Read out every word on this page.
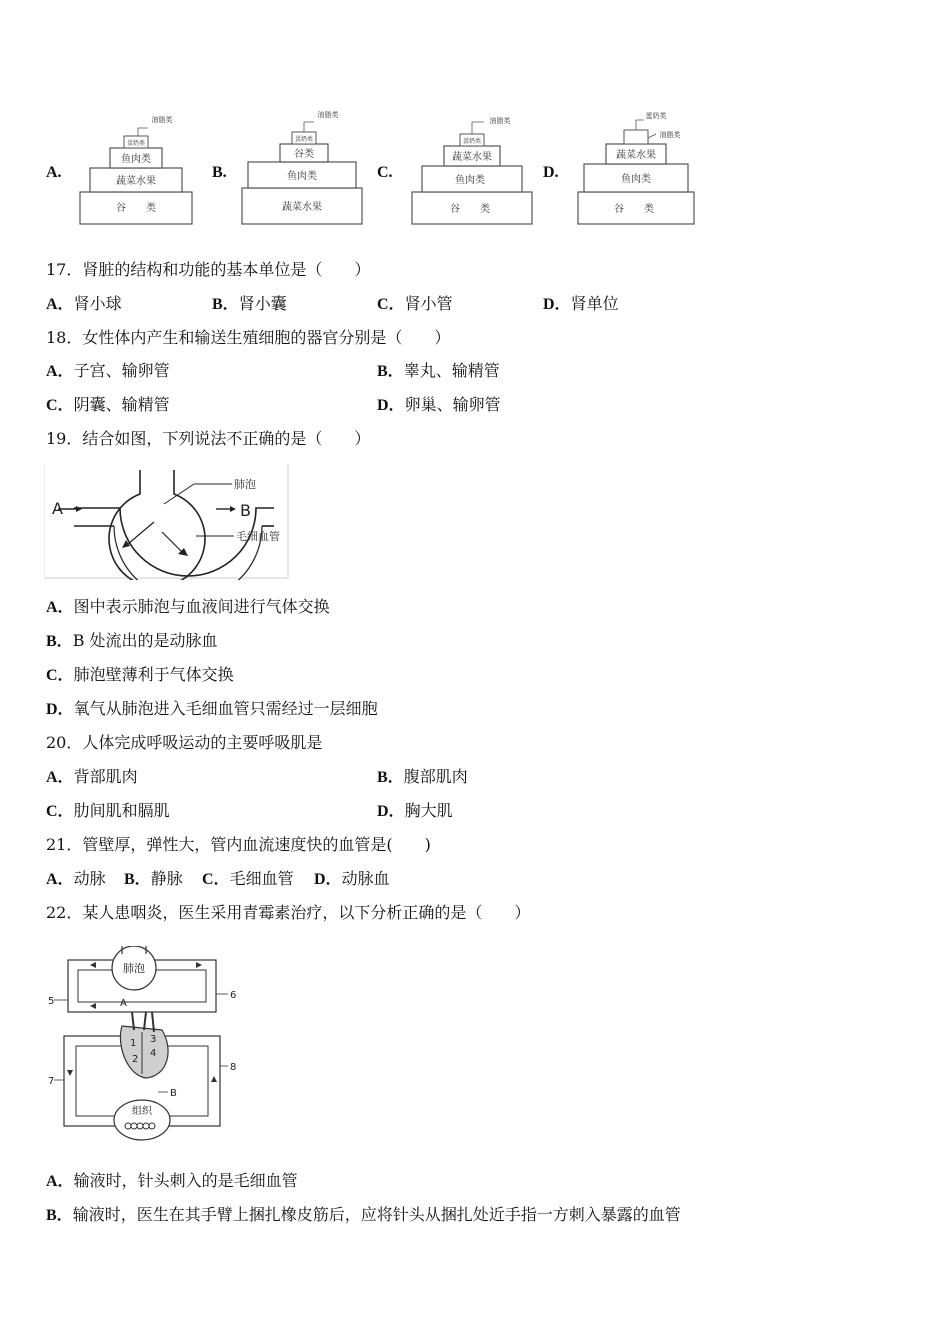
A.
谷　　类
蔬菜水果
鱼肉类
蛋奶类
油脂类
B.
蔬菜水果
鱼肉类
谷类
蛋奶类
油脂类
C.
谷　　类
鱼肉类
蔬菜水果
蛋奶类
油脂类
D.
谷　　类
鱼肉类
蔬菜水果
油脂类
蛋奶类
17．肾脏的结构和功能的基本单位是（　　）
A．肾小球	B．肾小囊	C．肾小管	D．肾单位
18．女性体内产生和输送生殖细胞的器官分别是（　　）
A．子宫、输卵管	B．睾丸、输精管
C．阴囊、输精管	D．卵巢、输卵管
19．结合如图，下列说法不正确的是（　　）
A	B
肺泡
毛细血管
A．图中表示肺泡与血液间进行气体交换
B．B 处流出的是动脉血
C．肺泡壁薄利于气体交换
D．氧气从肺泡进入毛细血管只需经过一层细胞
20．人体完成呼吸运动的主要呼吸肌是
A．背部肌肉	B．腹部肌肉
C．肋间肌和膈肌	D．胸大肌
21．管壁厚，弹性大，管内血流速度快的血管是(　　)
A．动脉 B．静脉 C．毛细血管 D．动脉血
22．某人患咽炎，医生采用青霉素治疗，以下分析正确的是（　　）
肺泡
1
2
3
4
组织
5
6
7
8
A
B
A．输液时，针头刺入的是毛细血管
B．输液时，医生在其手臂上捆扎橡皮筋后，应将针头从捆扎处近手指一方刺入暴露的血管
